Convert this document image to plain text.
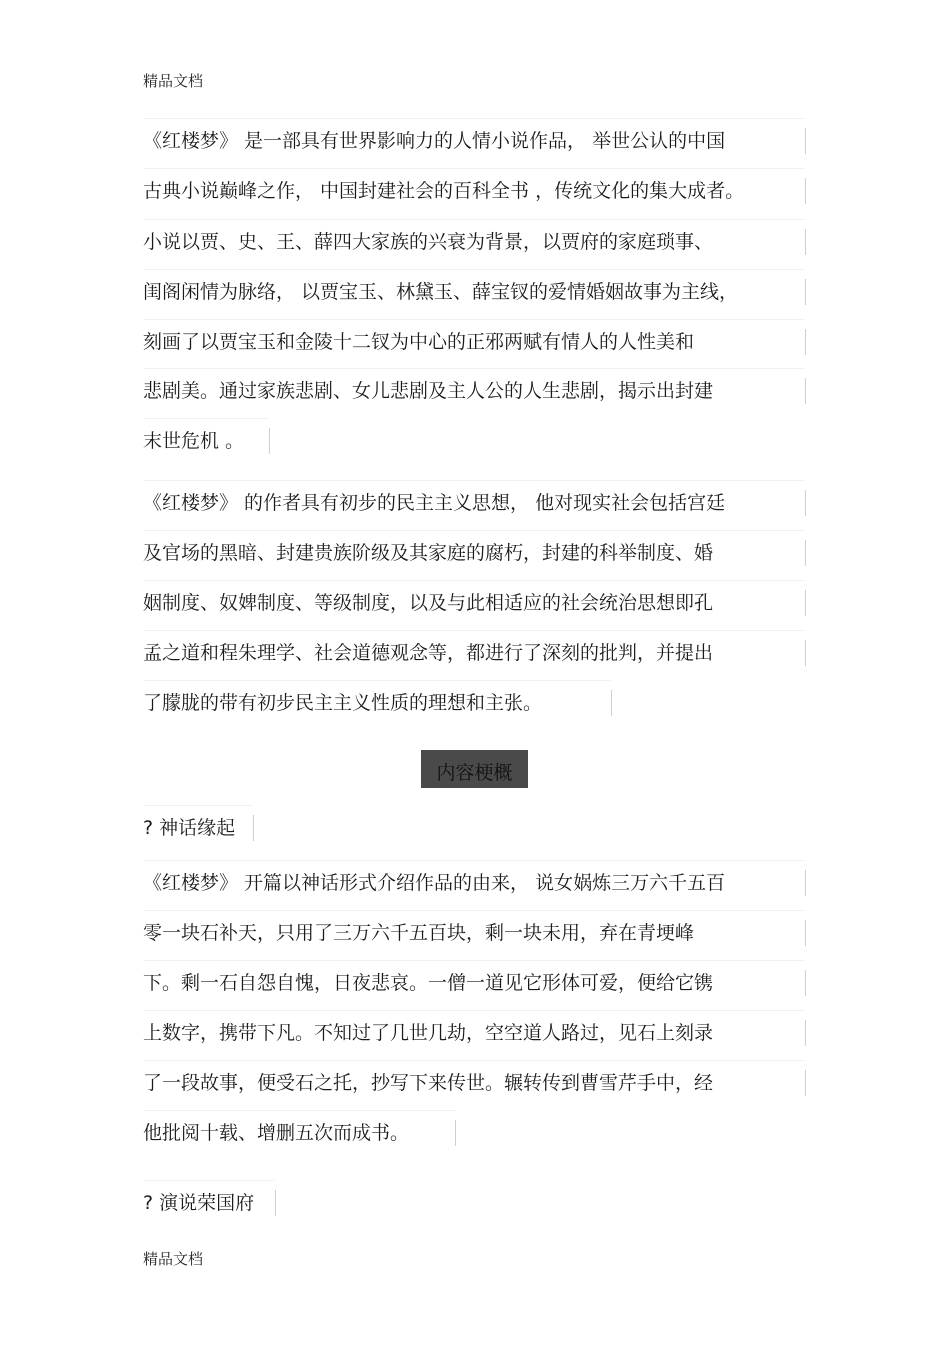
精品文档
《红楼梦》 是一部具有世界影响力的人情小说作品， 举世公认的中国
古典小说巅峰之作， 中国封建社会的百科全书 ，传统文化的集大成者。
小说以贾、史、王、薛四大家族的兴衰为背景，以贾府的家庭琐事、
闺阁闲情为脉络， 以贾宝玉、林黛玉、薛宝钗的爱情婚姻故事为主线，
刻画了以贾宝玉和金陵十二钗为中心的正邪两赋有情人的人性美和
悲剧美。通过家族悲剧、女儿悲剧及主人公的人生悲剧，揭示出封建
末世危机 。
《红楼梦》 的作者具有初步的民主主义思想， 他对现实社会包括宫廷
及官场的黑暗、封建贵族阶级及其家庭的腐朽，封建的科举制度、婚
姻制度、奴婢制度、等级制度，以及与此相适应的社会统治思想即孔
孟之道和程朱理学、社会道德观念等，都进行了深刻的批判，并提出
了朦胧的带有初步民主主义性质的理想和主张。
内容梗概
? 神话缘起
《红楼梦》 开篇以神话形式介绍作品的由来， 说女娲炼三万六千五百
零一块石补天，只用了三万六千五百块，剩一块未用，弃在青埂峰
下。剩一石自怨自愧，日夜悲哀。一僧一道见它形体可爱，便给它镌
上数字，携带下凡。不知过了几世几劫，空空道人路过，见石上刻录
了一段故事，便受石之托，抄写下来传世。辗转传到曹雪芹手中，经
他批阅十载、增删五次而成书。
? 演说荣国府
精品文档
